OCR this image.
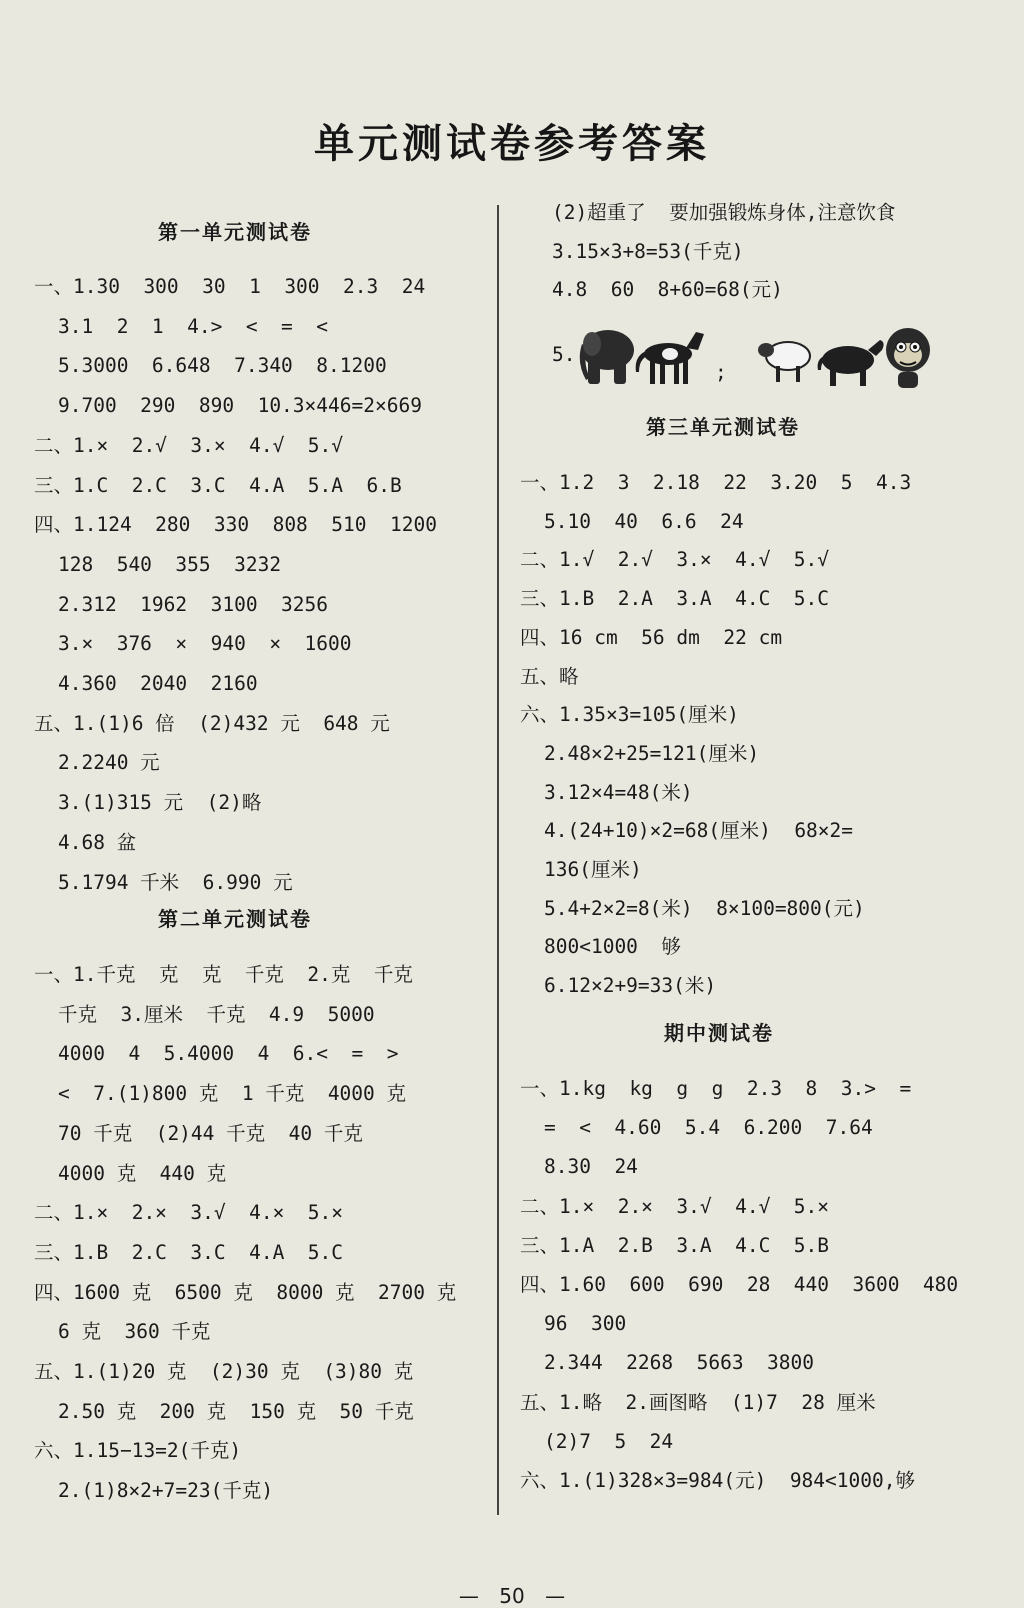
单元测试卷参考答案
第一单元测试卷
一、1.30  300  30  1  300  2.3  24
3.1  2  1  4.>  <  =  <
5.3000  6.648  7.340  8.1200
9.700  290  890  10.3×446=2×669
二、1.×  2.√  3.×  4.√  5.√
三、1.C  2.C  3.C  4.A  5.A  6.B
四、1.124  280  330  808  510  1200
128  540  355  3232
2.312  1962  3100  3256
3.×  376  ×  940  ×  1600
4.360  2040  2160
五、1.(1)6 倍  (2)432 元  648 元
2.2240 元
3.(1)315 元  (2)略
4.68 盆
5.1794 千米  6.990 元
第二单元测试卷
一、1.千克  克  克  千克  2.克  千克
千克  3.厘米  千克  4.9  5000
4000  4  5.4000  4  6.<  =  >
<  7.(1)800 克  1 千克  4000 克
70 千克  (2)44 千克  40 千克
4000 克  440 克
二、1.×  2.×  3.√  4.×  5.×
三、1.B  2.C  3.C  4.A  5.C
四、1600 克  6500 克  8000 克  2700 克
6 克  360 千克
五、1.(1)20 克  (2)30 克  (3)80 克
2.50 克  200 克  150 克  50 千克
六、1.15−13=2(千克)
2.(1)8×2+7=23(千克)
(2)超重了  要加强锻炼身体,注意饮食
3.15×3+8=53(千克)
4.8  60  8+60=68(元)
5.
;
第三单元测试卷
一、1.2  3  2.18  22  3.20  5  4.3
5.10  40  6.6  24
二、1.√  2.√  3.×  4.√  5.√
三、1.B  2.A  3.A  4.C  5.C
四、16 cm  56 dm  22 cm
五、略
六、1.35×3=105(厘米)
2.48×2+25=121(厘米)
3.12×4=48(米)
4.(24+10)×2=68(厘米)  68×2=
136(厘米)
5.4+2×2=8(米)  8×100=800(元)
800<1000  够
6.12×2+9=33(米)
期中测试卷
一、1.kg  kg  g  g  2.3  8  3.>  =
=  <  4.60  5.4  6.200  7.64
8.30  24
二、1.×  2.×  3.√  4.√  5.×
三、1.A  2.B  3.A  4.C  5.B
四、1.60  600  690  28  440  3600  480
96  300
2.344  2268  5663  3800
五、1.略  2.画图略  (1)7  28 厘米
(2)7  5  24
六、1.(1)328×3=984(元)  984<1000,够
— 50 —
